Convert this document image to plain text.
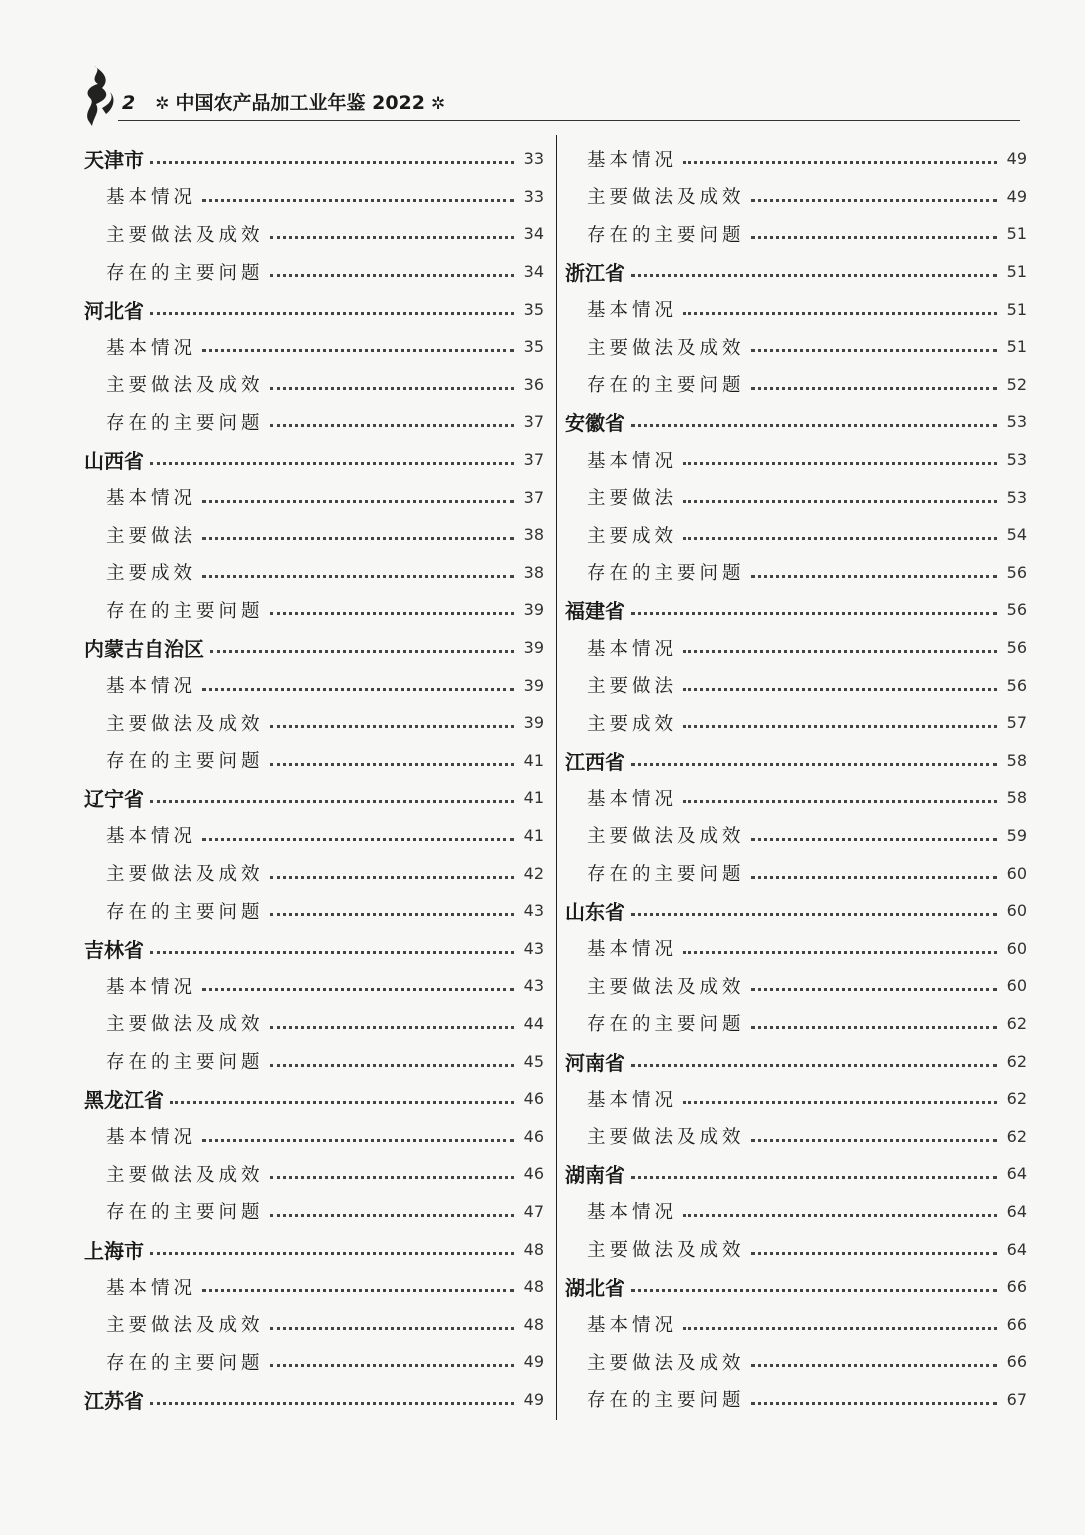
2 ✲ 中国农产品加工业年鉴 2022 ✲
天津市	33
基本情况	33
主要做法及成效	34
存在的主要问题	34
河北省	35
基本情况	35
主要做法及成效	36
存在的主要问题	37
山西省	37
基本情况	37
主要做法	38
主要成效	38
存在的主要问题	39
内蒙古自治区	39
基本情况	39
主要做法及成效	39
存在的主要问题	41
辽宁省	41
基本情况	41
主要做法及成效	42
存在的主要问题	43
吉林省	43
基本情况	43
主要做法及成效	44
存在的主要问题	45
黑龙江省	46
基本情况	46
主要做法及成效	46
存在的主要问题	47
上海市	48
基本情况	48
主要做法及成效	48
存在的主要问题	49
江苏省	49
基本情况	49
主要做法及成效	49
存在的主要问题	51
浙江省	51
基本情况	51
主要做法及成效	51
存在的主要问题	52
安徽省	53
基本情况	53
主要做法	53
主要成效	54
存在的主要问题	56
福建省	56
基本情况	56
主要做法	56
主要成效	57
江西省	58
基本情况	58
主要做法及成效	59
存在的主要问题	60
山东省	60
基本情况	60
主要做法及成效	60
存在的主要问题	62
河南省	62
基本情况	62
主要做法及成效	62
湖南省	64
基本情况	64
主要做法及成效	64
湖北省	66
基本情况	66
主要做法及成效	66
存在的主要问题	67
